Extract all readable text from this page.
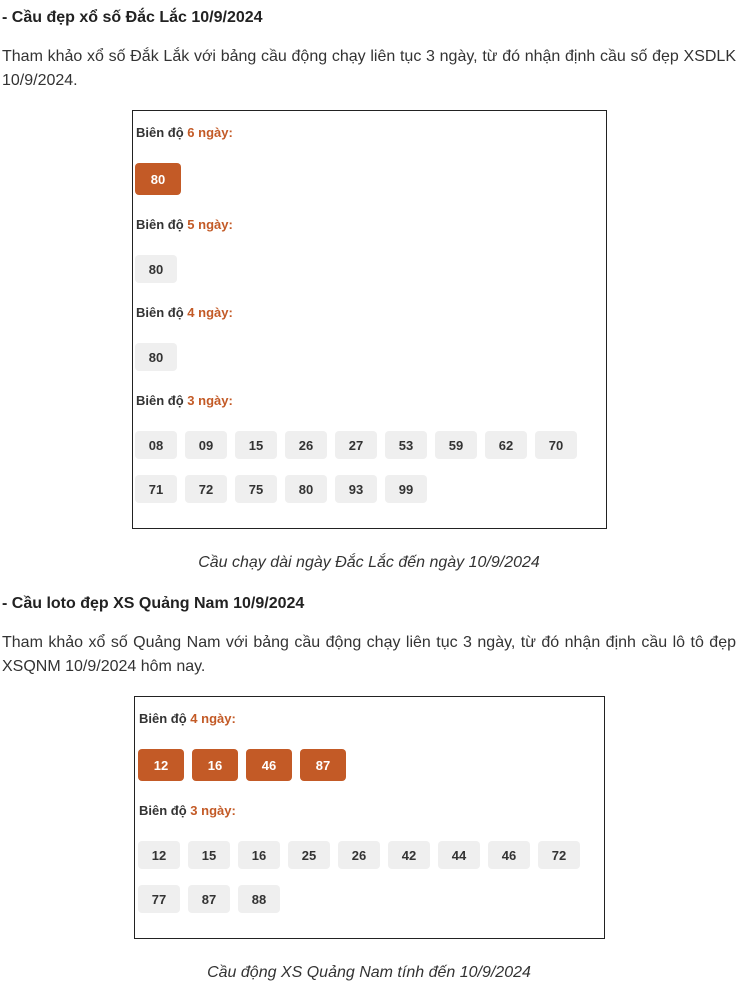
- Cầu đẹp xổ số Đắc Lắc 10/9/2024
Tham khảo xổ số Đắk Lắk với bảng cầu động chạy liên tục 3 ngày, từ đó nhận định cầu số đẹp XSDLK 10/9/2024.
Biên độ 6 ngày:
80
Biên độ 5 ngày:
80
Biên độ 4 ngày:
80
Biên độ 3 ngày:
08	09	15	26	27	53	59	62	70
71	72	75	80	93	99
Cầu chạy dài ngày Đắc Lắc đến ngày 10/9/2024
- Cầu loto đẹp XS Quảng Nam 10/9/2024
Tham khảo xổ số Quảng Nam với bảng cầu động chạy liên tục 3 ngày, từ đó nhận định cầu lô tô đẹp XSQNM 10/9/2024 hôm nay.
Biên độ 4 ngày:
12	16	46	87
Biên độ 3 ngày:
12	15	16	25	26	42	44	46	72
77	87	88
Cầu động XS Quảng Nam tính đến 10/9/2024
